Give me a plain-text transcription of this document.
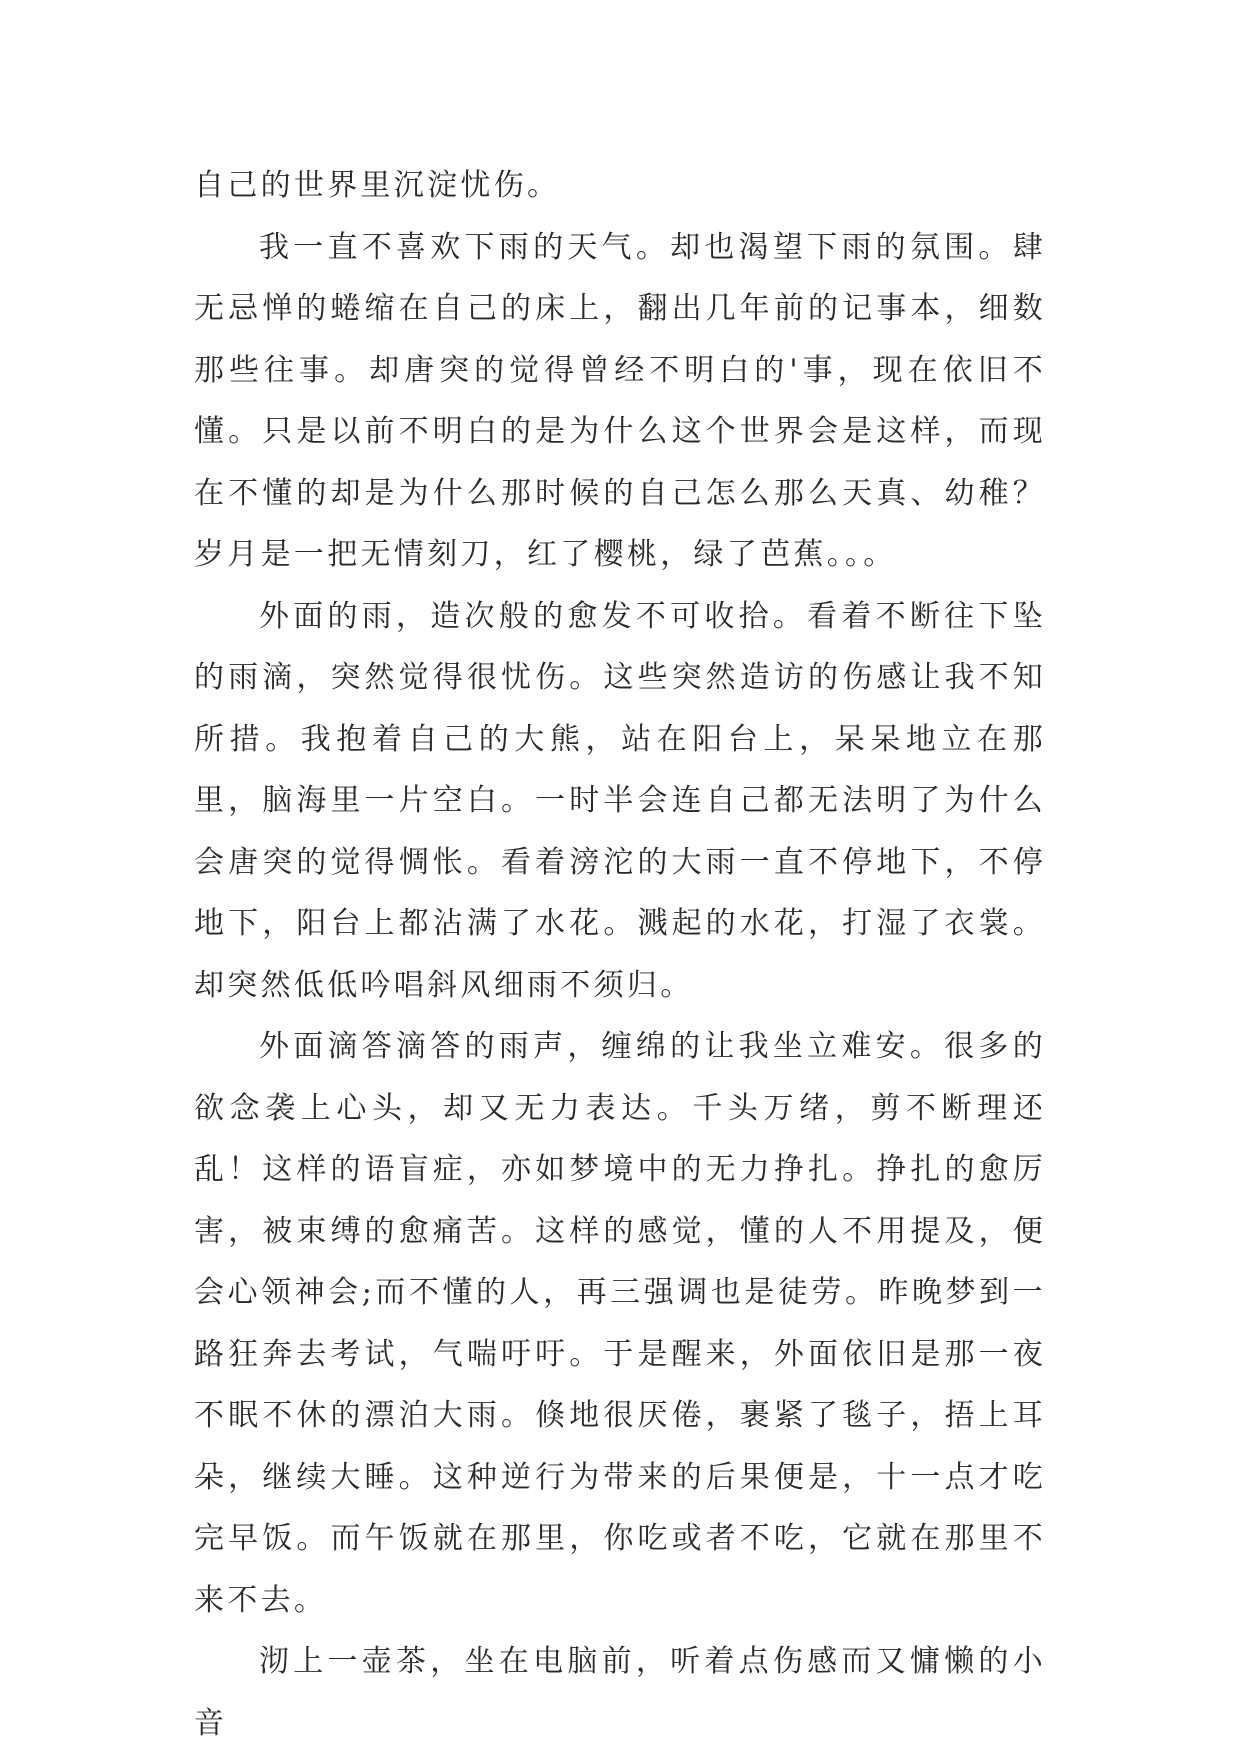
自己的世界里沉淀忧伤。

我一直不喜欢下雨的天气。却也渴望下雨的氛围。肆无忌惮的蜷缩在自己的床上，翻出几年前的记事本，细数那些往事。却唐突的觉得曾经不明白的'事，现在依旧不懂。只是以前不明白的是为什么这个世界会是这样，而现在不懂的却是为什么那时候的自己怎么那么天真、幼稚？岁月是一把无情刻刀，红了樱桃，绿了芭蕉。。。

外面的雨，造次般的愈发不可收拾。看着不断往下坠的雨滴，突然觉得很忧伤。这些突然造访的伤感让我不知所措。我抱着自己的大熊，站在阳台上，呆呆地立在那里，脑海里一片空白。一时半会连自己都无法明了为什么会唐突的觉得惆怅。看着滂沱的大雨一直不停地下，不停地下，阳台上都沾满了水花。溅起的水花，打湿了衣裳。却突然低低吟唱斜风细雨不须归。

外面滴答滴答的雨声，缠绵的让我坐立难安。很多的欲念袭上心头，却又无力表达。千头万绪，剪不断理还乱！这样的语盲症，亦如梦境中的无力挣扎。挣扎的愈厉害，被束缚的愈痛苦。这样的感觉，懂的人不用提及，便会心领神会;而不懂的人，再三强调也是徒劳。昨晚梦到一路狂奔去考试，气喘吁吁。于是醒来，外面依旧是那一夜不眠不休的漂泊大雨。倏地很厌倦，裹紧了毯子，捂上耳朵，继续大睡。这种逆行为带来的后果便是，十一点才吃完早饭。而午饭就在那里，你吃或者不吃，它就在那里不来不去。

沏上一壶茶，坐在电脑前，听着点伤感而又慵懒的小音
